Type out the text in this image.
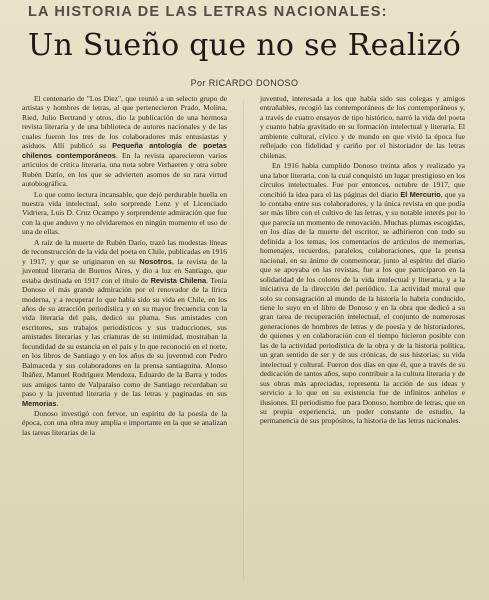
LA HISTORIA DE LAS LETRAS NACIONALES:
Un Sueño que no se Realizó
Por RICARDO DONOSO

El centenario de "Los Diez", que reunió a un selecto grupo de artistas y hombres de letras, al que pertenecieron Prado, Molina, Ried, Julio Bertrand y otros, dio la publicación de una hermosa revista literaria y de una biblioteca de autores nacionales y de las cuales fueron los tres de los colaboradores más entusiastas y asiduos. Allí publicó su Pequeña antología de poetas chilenos contemporáneos. En la revista aparecieron varios artículos de crítica literaria, una nota sobre Verhaeren y otra sobre Rubén Darío, en los que se advierten asomos de su rara virtud autobiográfica.

Lo que como lectura incansable, que dejó perdurable huella en nuestra vida intelectual, solo sorprende Lenz y el Licenciado Vidriera, Luis D. Cruz Ocampo y sorprendente admiración que fue con la que anduvo y no olvidaremos en ningún momento el uso de una de ellas.

A raíz de la muerte de Rubén Darío, trazó las modestas líneas de reconstrucción de la vida del poeta en Chile, publicadas en 1916 y 1917, y que se originaron en su Nosotros, la revista de la juventud literaria de Buenos Aires, y dio a luz en Santiago, que estaba destinada en 1917 con el título de Revista Chilena. Tenía Donoso el más grande admiración por el renovador de la lírica moderna, y a recuperar lo que había sido su vida en Chile, en los años de su atracción periodística y en su mayor frecuencia con la vida literaria del país, dedicó su pluma. Sus amistades con escritores, sus trabajos periodísticos y sus traducciones, sus amistades literarias y las criaturas de su intimidad, mostraban la fecundidad de su estancia en el país y lo que reconoció en el norte, en los libros de Santiago y en los años de su juventud con Pedro Balmaceda y sus colaboradores en la prensa santiaguina. Alonso Ibáñez, Manuel Rodríguez Mendoza, Eduardo de la Barra y todos sus amigos tanto de Valparaíso como de Santiago recordaban su paso y la juventud literaria y de las letras y paginadas en sus Memorias.

Donoso investigó con fervor, un espíritu de la poesía de la época, con una obra muy amplia e importante en la que se analizan las tareas literarias de la

juventud, interesada a los que había sido sus colegas y amigos entrañables, recogió las contemporáneos de los contemporáneos y, a través de cuatro ensayos de tipo histórico, narró la vida del poeta y cuanto había gravitado en su formación intelectual y literaria. El ambiente cultural, cívico y de mundo en que vivió la época fue reflejado con fidelidad y cariño por el historiador de las letras chilenas.

En 1916 había cumplido Donoso treinta años y realizado ya una labor literaria, con la cual conquistó un lugar prestigioso en los círculos intelectuales. Fue por entonces, octubre de 1917, que concibió la idea para el las páginas del diario El Mercurio, que ya lo contaba entre sus colaboradores, y la única revista en que podía ser más libre con el cultivo de las letras, y su notable interés por lo que parecía un momento de renovación. Muchas plumas escogidas, en los días de la muerte del escritor, se adhirieron con todo su definida a los temas, los comentarios de artículos de memorias, homenajes, recuerdos, paralelos, colaboraciones, que la prensa nacional, en su ánimo de conmemorar, junto al espíritu del diario que se apoyaba en las revistas, fue a los que participaron en la solidaridad de los colores de la vida intelectual y literaria, y a la iniciativa de la dirección del periódico. La actividad moral que solo su consagración al mundo de la historia lo habría conducido, tiene lo suyo en el libro de Donoso y en la obra que dedicó a su gran tarea de recuperación intelectual, el conjunto de numerosas generaciones de hombres de letras y de poesía y de historiadores, de quienes y en colaboración con el tiempo hicieron posible con las de la actividad periodística de la obra y de la historia política, un gran sentido de ser y de sus crónicas, de sus historias; su vida intelectual y cultural. Fueron dos días en que él, que a través de su dedicación de tantos años, supo contribuir a la cultura literaria y de sus obras más apreciadas, representa la acción de sus ideas y servicio a lo que en su existencia fue de infinitos anhelos e ilusiones. El periodismo fue para Donoso, hombre de letras, que en su propia experiencia, un poder constante de estudio, la permanencia de sus propósitos, la historia de las letras nacionales.
